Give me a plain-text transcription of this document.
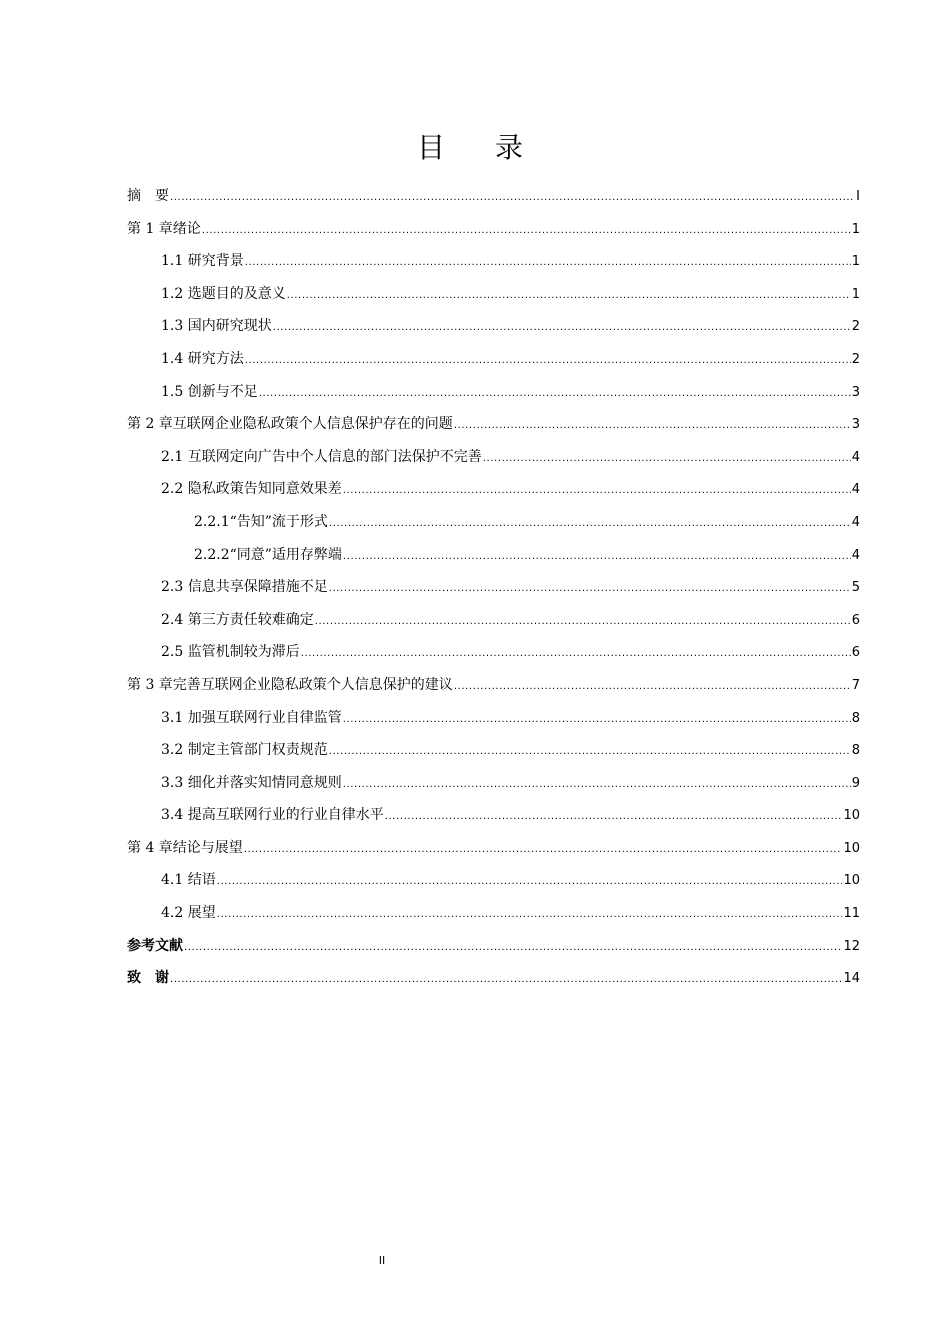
目录
摘　要 .....	I
第 1 章绪论 .....	1
1.1 研究背景 .....	1
1.2 选题目的及意义 .....	1
1.3 国内研究现状 .....	2
1.4 研究方法 .....	2
1.5 创新与不足 .....	3
第 2 章互联网企业隐私政策个人信息保护存在的问题 .....	3
2.1 互联网定向广告中个人信息的部门法保护不完善 .....	4
2.2 隐私政策告知同意效果差 .....	4
2.2.1“告知”流于形式 .....	4
2.2.2“同意”适用存弊端 .....	4
2.3 信息共享保障措施不足 .....	5
2.4 第三方责任较难确定 .....	6
2.5 监管机制较为滞后 .....	6
第 3 章完善互联网企业隐私政策个人信息保护的建议 .....	7
3.1 加强互联网行业自律监管 .....	8
3.2 制定主管部门权责规范 .....	8
3.3 细化并落实知情同意规则 .....	9
3.4 提高互联网行业的行业自律水平 .....	10
第 4 章结论与展望 .....	10
4.1 结语 .....	10
4.2 展望 .....	11
参考文献 .....	12
致　谢 .....	14
II
